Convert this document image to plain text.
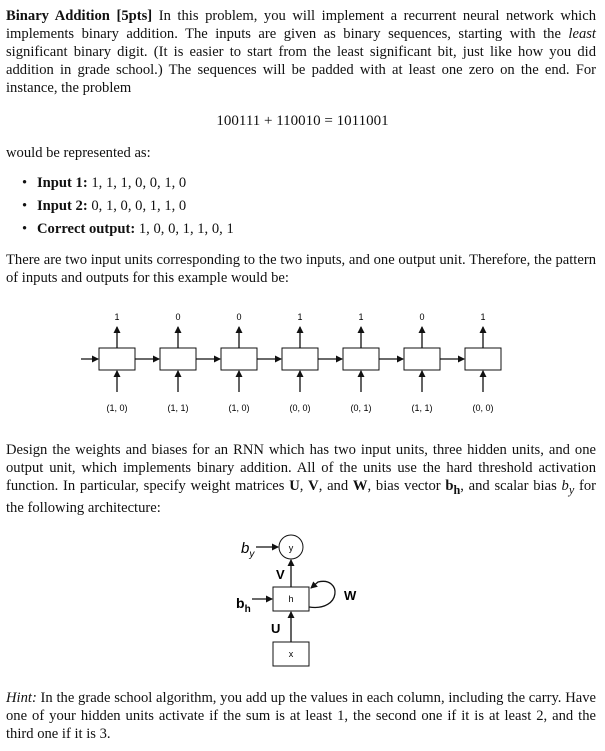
Binary Addition [5pts] In this problem, you will implement a recurrent neural network which implements binary addition. The inputs are given as binary sequences, starting with the least significant binary digit. (It is easier to start from the least significant bit, just like how you did addition in grade school.) The sequences will be padded with at least one zero on the end. For instance, the problem

100111 + 110010 = 1011001

would be represented as:

• Input 1: 1, 1, 1, 0, 0, 1, 0
• Input 2: 0, 1, 0, 0, 1, 1, 0
• Correct output: 1, 0, 0, 1, 1, 0, 1

There are two input units corresponding to the two inputs, and one output unit. Therefore, the pattern of inputs and outputs for this example would be:

1
(1, 0)
0
(1, 1)
0
(1, 0)
1
(0, 0)
1
(0, 1)
0
(1, 1)
1
(0, 0)

Design the weights and biases for an RNN which has two input units, three hidden units, and one output unit, which implements binary addition. All of the units use the hard threshold activation function. In particular, specify weight matrices U, V, and W, bias vector $b_h$, and scalar bias $b_y$ for the following architecture:

y
$b_y$
V
h
$b_h$
W
U
x

Hint: In the grade school algorithm, you add up the values in each column, including the carry. Have one of your hidden units activate if the sum is at least 1, the second one if it is at least 2, and the third one if it is 3.
